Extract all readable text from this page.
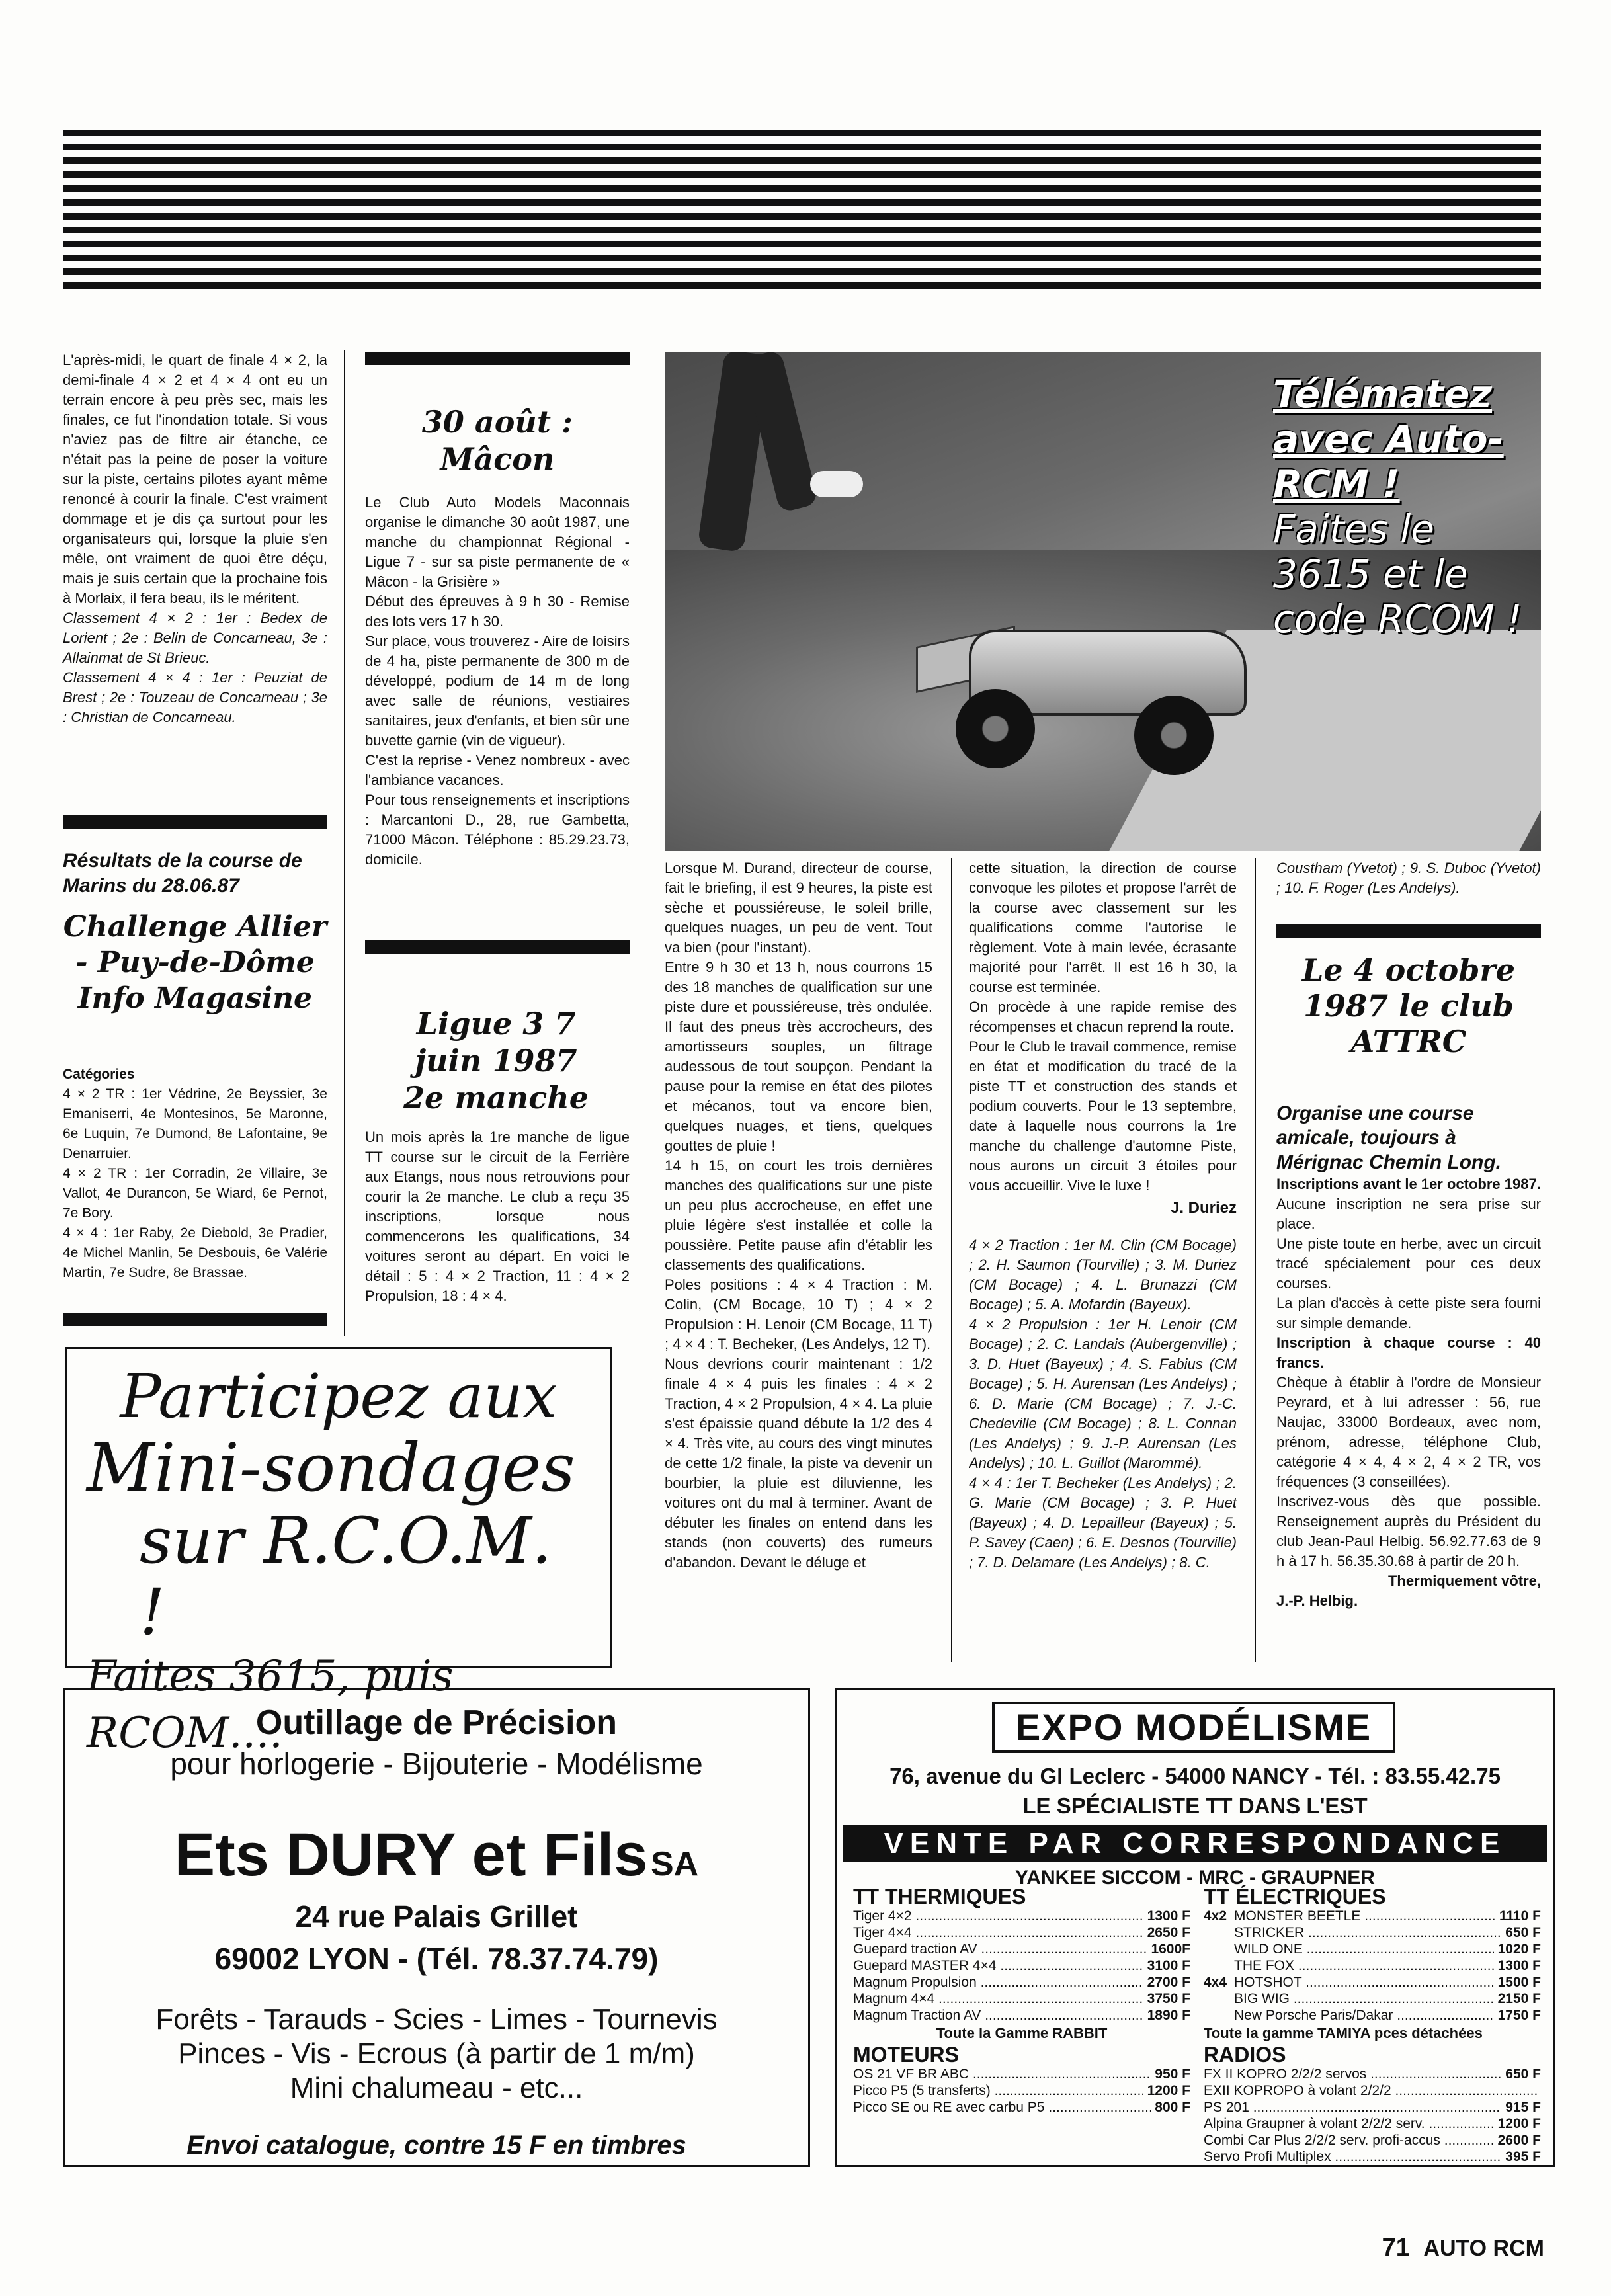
L'après-midi, le quart de finale 4 × 2, la demi-finale 4 × 2 et 4 × 4 ont eu un terrain encore à peu près sec, mais les finales, ce fut l'inondation totale. Si vous n'aviez pas de filtre air étanche, ce n'était pas la peine de poser la voiture sur la piste, certains pilotes ayant même renoncé à courir la finale. C'est vraiment dommage et je dis ça surtout pour les organisateurs qui, lorsque la pluie s'en mêle, ont vraiment de quoi être déçu, mais je suis certain que la prochaine fois à Morlaix, il fera beau, ils le méritent.

Classement 4 × 2 : 1er : Bedex de Lorient ; 2e : Belin de Concarneau, 3e : Allainmat de St Brieuc.

Classement 4 × 4 : 1er : Peuziat de Brest ; 2e : Touzeau de Concarneau ; 3e : Christian de Concarneau.

Résultats de la course de Marins du 28.06.87
Challenge Allier - Puy-de-Dôme Info Magasine

Catégories

4 × 2 TR : 1er Védrine, 2e Beyssier, 3e Emaniserri, 4e Montesinos, 5e Maronne, 6e Luquin, 7e Dumond, 8e Lafontaine, 9e Denarruier.

4 × 2 TR : 1er Corradin, 2e Villaire, 3e Vallot, 4e Durancon, 5e Wiard, 6e Pernot, 7e Bory.

4 × 4 : 1er Raby, 2e Diebold, 3e Pradier, 4e Michel Manlin, 5e Desbouis, 6e Valérie Martin, 7e Sudre, 8e Brassae.

30 août : Mâcon

Le Club Auto Models Maconnais organise le dimanche 30 août 1987, une manche du championnat Régional - Ligue 7 - sur sa piste permanente de « Mâcon - la Grisière »

Début des épreuves à 9 h 30 - Remise des lots vers 17 h 30.

Sur place, vous trouverez - Aire de loisirs de 4 ha, piste permanente de 300 m de développé, podium de 14 m de long avec salle de réunions, vestiaires sanitaires, jeux d'enfants, et bien sûr une buvette garnie (vin de vigueur).

C'est la reprise - Venez nombreux - avec l'ambiance vacances.

Pour tous renseignements et inscriptions : Marcantoni D., 28, rue Gambetta, 71000 Mâcon. Téléphone : 85.29.23.73, domicile.

Ligue 3 7 juin 1987 2e manche

Un mois après la 1re manche de ligue TT course sur le circuit de la Ferrière aux Etangs, nous nous retrouvions pour courir la 2e manche. Le club a reçu 35 inscriptions, lorsque nous commencerons les qualifications, 34 voitures seront au départ. En voici le détail : 5 : 4 × 2 Traction, 11 : 4 × 2 Propulsion, 18 : 4 × 4.

Télématez
avec Auto-
RCM !
Faites le
3615 et le
code RCOM !

Lorsque M. Durand, directeur de course, fait le briefing, il est 9 heures, la piste est sèche et poussiéreuse, le soleil brille, quelques nuages, un peu de vent. Tout va bien (pour l'instant).

Entre 9 h 30 et 13 h, nous courrons 15 des 18 manches de qualification sur une piste dure et poussiéreuse, très ondulée. Il faut des pneus très accrocheurs, des amortisseurs souples, un filtrage audessous de tout soupçon. Pendant la pause pour la remise en état des pilotes et mécanos, tout va encore bien, quelques nuages, et tiens, quelques gouttes de pluie !

14 h 15, on court les trois dernières manches des qualifications sur une piste un peu plus accrocheuse, en effet une pluie légère s'est installée et colle la poussière. Petite pause afin d'établir les classements des qualifications.

Poles positions : 4 × 4 Traction : M. Colin, (CM Bocage, 10 T) ; 4 × 2 Propulsion : H. Lenoir (CM Bocage, 11 T) ; 4 × 4 : T. Becheker, (Les Andelys, 12 T).

Nous devrions courir maintenant : 1/2 finale 4 × 4 puis les finales : 4 × 2 Traction, 4 × 2 Propulsion, 4 × 4. La pluie s'est épaissie quand débute la 1/2 des 4 × 4. Très vite, au cours des vingt minutes de cette 1/2 finale, la piste va devenir un bourbier, la pluie est diluvienne, les voitures ont du mal à terminer. Avant de débuter les finales on entend dans les stands (non couverts) des rumeurs d'abandon. Devant le déluge et

cette situation, la direction de course convoque les pilotes et propose l'arrêt de la course avec classement sur les qualifications comme l'autorise le règlement. Vote à main levée, écrasante majorité pour l'arrêt. Il est 16 h 30, la course est terminée.

On procède à une rapide remise des récompenses et chacun reprend la route.

Pour le Club le travail commence, remise en état et modification du tracé de la piste TT et construction des stands et podium couverts. Pour le 13 septembre, date à laquelle nous courrons la 1re manche du challenge d'automne Piste, nous aurons un circuit 3 étoiles pour vous accueillir. Vive le luxe !

J. Duriez

4 × 2 Traction : 1er M. Clin (CM Bocage) ; 2. H. Saumon (Tourville) ; 3. M. Duriez (CM Bocage) ; 4. L. Brunazzi (CM Bocage) ; 5. A. Mofardin (Bayeux).

4 × 2 Propulsion : 1er H. Lenoir (CM Bocage) ; 2. C. Landais (Aubergenville) ; 3. D. Huet (Bayeux) ; 4. S. Fabius (CM Bocage) ; 5. H. Aurensan (Les Andelys) ; 6. D. Marie (CM Bocage) ; 7. J.-C. Chedeville (CM Bocage) ; 8. L. Connan (Les Andelys) ; 9. J.-P. Aurensan (Les Andelys) ; 10. L. Guillot (Marommé).

4 × 4 : 1er T. Becheker (Les Andelys) ; 2. G. Marie (CM Bocage) ; 3. P. Huet (Bayeux) ; 4. D. Lepailleur (Bayeux) ; 5. P. Savey (Caen) ; 6. E. Desnos (Tourville) ; 7. D. Delamare (Les Andelys) ; 8. C.

Coustham (Yvetot) ; 9. S. Duboc (Yvetot) ; 10. F. Roger (Les Andelys).
Le 4 octobre 1987 le club ATTRC

Organise une course amicale, toujours à Mérignac Chemin Long.

Inscriptions avant le 1er octobre 1987.

Aucune inscription ne sera prise sur place.

Une piste toute en herbe, avec un circuit tracé spécialement pour ces deux courses.

La plan d'accès à cette piste sera fourni sur simple demande.

Inscription à chaque course : 40 francs.

Chèque à établir à l'ordre de Monsieur Peyrard, et à lui adresser : 56, rue Naujac, 33000 Bordeaux, avec nom, prénom, adresse, téléphone Club, catégorie 4 × 4, 4 × 2, 4 × 2 TR, vos fréquences (3 conseillées).

Inscrivez-vous dès que possible. Renseignement auprès du Président du club Jean-Paul Helbig. 56.92.77.63 de 9 h à 17 h. 56.35.30.68 à partir de 20 h.

Thermiquement vôtre,

J.-P. Helbig.

Participez aux
Mini-sondages
sur R.C.O.M. !
Faites 3615, puis RCOM....
Outillage de Précision
pour horlogerie - Bijouterie - Modélisme
Ets DURY et Fils SA
24 rue Palais Grillet
69002 LYON - (Tél. 78.37.74.79)
Forêts - Tarauds - Scies - Limes - Tournevis
Pinces - Vis - Ecrous (à partir de 1 m/m)
Mini chalumeau - etc...
Envoi catalogue, contre 15 F en timbres
EXPO MODÉLISME
76, avenue du Gl Leclerc - 54000 NANCY - Tél. : 83.55.42.75
LE SPÉCIALISTE TT DANS L'EST
VENTE PAR CORRESPONDANCE
YANKEE SICCOM - MRC - GRAUPNER
TT THERMIQUES
Tiger 4×2 .....	1300 F
Tiger 4×4 .....	2650 F
Guepard traction AV .....	1600F
Guepard MASTER 4×4 .....	3100 F
Magnum Propulsion .....	2700 F
Magnum 4×4 .....	3750 F
Magnum Traction AV .....	1890 F
Toute la Gamme RABBIT
MOTEURS
OS 21 VF BR ABC .....	950 F
Picco P5 (5 transferts) .....	1200 F
Picco SE ou RE avec carbu P5 .....	800 F
TT ÉLECTRIQUES
4x2 MONSTER BEETLE .....	1110 F
STRICKER .....	650 F
WILD ONE .....	1020 F
THE FOX .....	1300 F
4x4 HOTSHOT .....	1500 F
BIG WIG .....	2150 F
New Porsche Paris/Dakar .....	1750 F
Toute la gamme TAMIYA pces détachées
RADIOS
FX II KOPRO 2/2/2 servos .....	650 F
EXII KOPROPO à volant 2/2/2 .....
PS 201 .....	915 F
Alpina Graupner à volant 2/2/2 serv. .....	1200 F
Combi Car Plus 2/2/2 serv. profi-accus .....	2600 F
Servo Profi Multiplex .....	395 F
71 AUTO RCM
